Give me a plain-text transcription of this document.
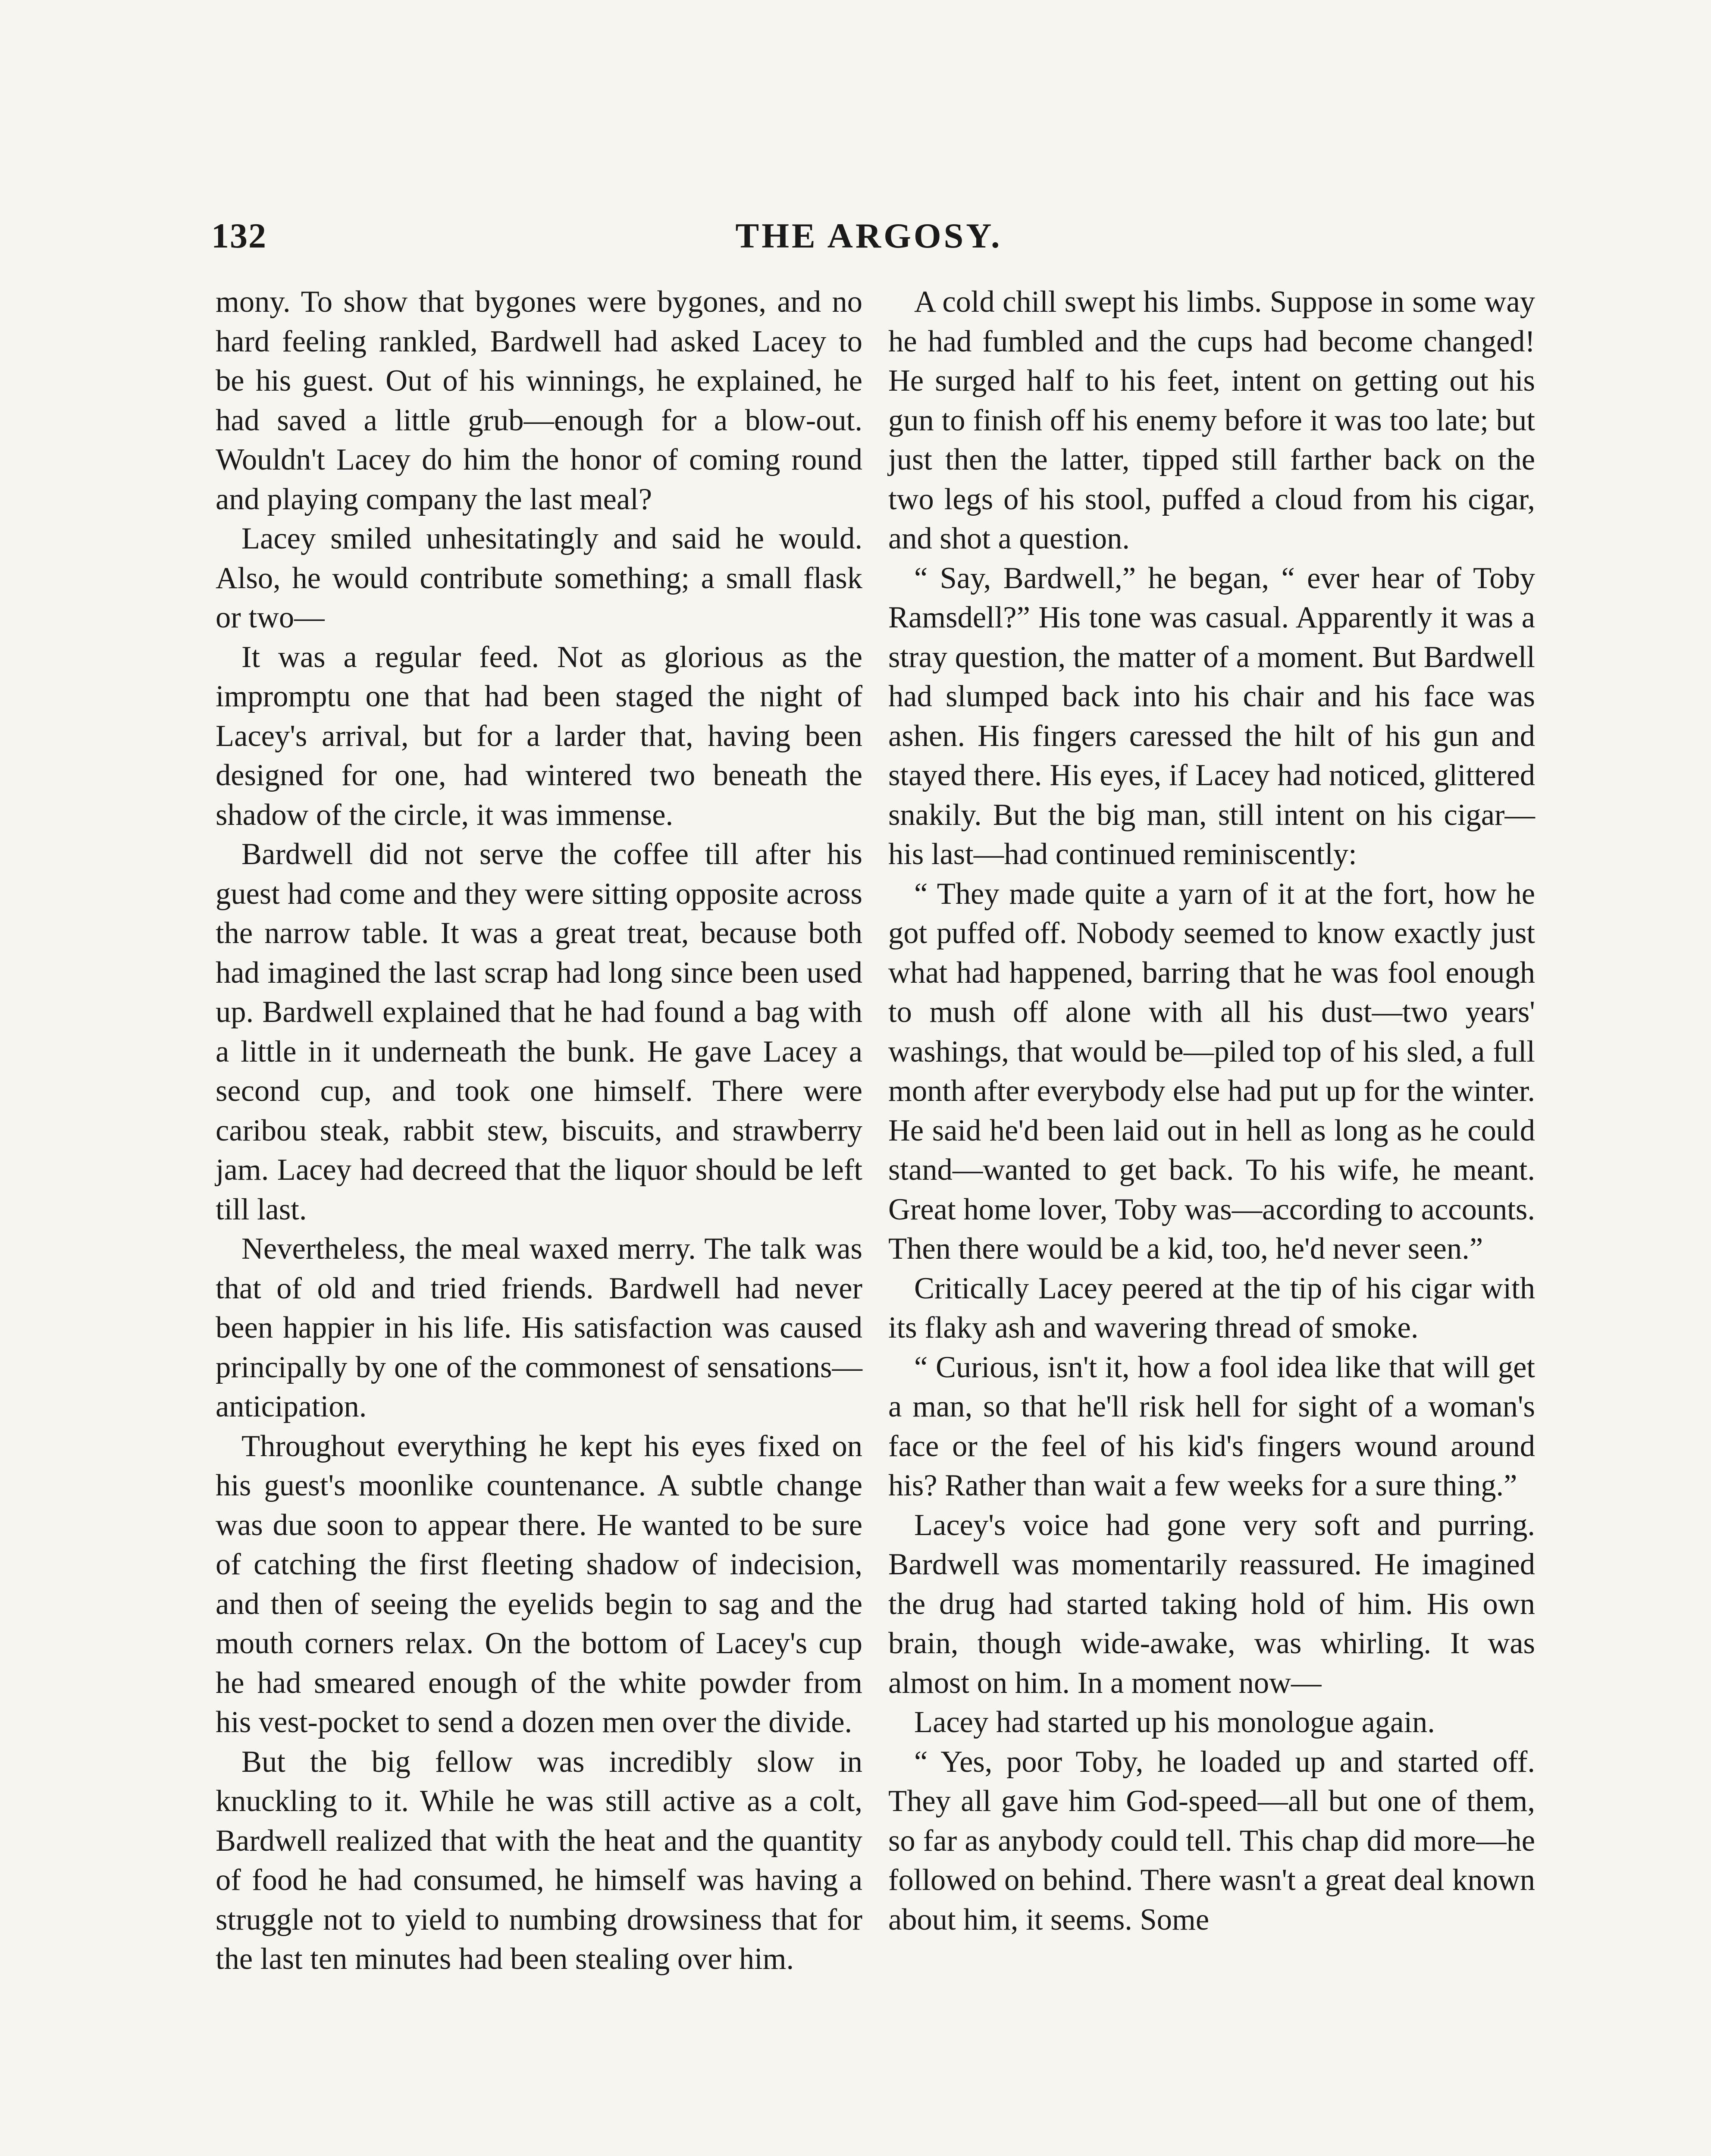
132	THE ARGOSY.

mony. To show that bygones were bygones, and no hard feeling rankled, Bardwell had asked Lacey to be his guest. Out of his winnings, he explained, he had saved a little grub—enough for a blow-out. Wouldn't Lacey do him the honor of coming round and playing company the last meal?

Lacey smiled unhesitatingly and said he would. Also, he would contribute something; a small flask or two—

It was a regular feed. Not as glorious as the impromptu one that had been staged the night of Lacey's arrival, but for a larder that, having been designed for one, had wintered two beneath the shadow of the circle, it was immense.

Bardwell did not serve the coffee till after his guest had come and they were sitting opposite across the narrow table. It was a great treat, because both had imagined the last scrap had long since been used up. Bardwell explained that he had found a bag with a little in it underneath the bunk. He gave Lacey a second cup, and took one himself. There were caribou steak, rabbit stew, biscuits, and strawberry jam. Lacey had decreed that the liquor should be left till last.

Nevertheless, the meal waxed merry. The talk was that of old and tried friends. Bardwell had never been happier in his life. His satisfaction was caused principally by one of the commonest of sensations—anticipation.

Throughout everything he kept his eyes fixed on his guest's moonlike countenance. A subtle change was due soon to appear there. He wanted to be sure of catching the first fleeting shadow of indecision, and then of seeing the eyelids begin to sag and the mouth corners relax. On the bottom of Lacey's cup he had smeared enough of the white powder from his vest-pocket to send a dozen men over the divide.

But the big fellow was incredibly slow in knuckling to it. While he was still active as a colt, Bardwell realized that with the heat and the quantity of food he had consumed, he himself was having a struggle not to yield to numbing drowsiness that for the last ten minutes had been stealing over him.

A cold chill swept his limbs. Suppose in some way he had fumbled and the cups had become changed! He surged half to his feet, intent on getting out his gun to finish off his enemy before it was too late; but just then the latter, tipped still farther back on the two legs of his stool, puffed a cloud from his cigar, and shot a question.

“ Say, Bardwell,” he began, “ ever hear of Toby Ramsdell?” His tone was casual. Apparently it was a stray question, the matter of a moment. But Bardwell had slumped back into his chair and his face was ashen. His fingers caressed the hilt of his gun and stayed there. His eyes, if Lacey had noticed, glittered snakily. But the big man, still intent on his cigar—his last—had continued reminiscently:

“ They made quite a yarn of it at the fort, how he got puffed off. Nobody seemed to know exactly just what had happened, barring that he was fool enough to mush off alone with all his dust—two years' washings, that would be—piled top of his sled, a full month after everybody else had put up for the winter. He said he'd been laid out in hell as long as he could stand—wanted to get back. To his wife, he meant. Great home lover, Toby was—according to accounts. Then there would be a kid, too, he'd never seen.”

Critically Lacey peered at the tip of his cigar with its flaky ash and wavering thread of smoke.

“ Curious, isn't it, how a fool idea like that will get a man, so that he'll risk hell for sight of a woman's face or the feel of his kid's fingers wound around his? Rather than wait a few weeks for a sure thing.”

Lacey's voice had gone very soft and purring. Bardwell was momentarily reassured. He imagined the drug had started taking hold of him. His own brain, though wide-awake, was whirling. It was almost on him. In a moment now—

Lacey had started up his monologue again.

“ Yes, poor Toby, he loaded up and started off. They all gave him God-speed—all but one of them, so far as anybody could tell. This chap did more—he followed on behind. There wasn't a great deal known about him, it seems. Some
